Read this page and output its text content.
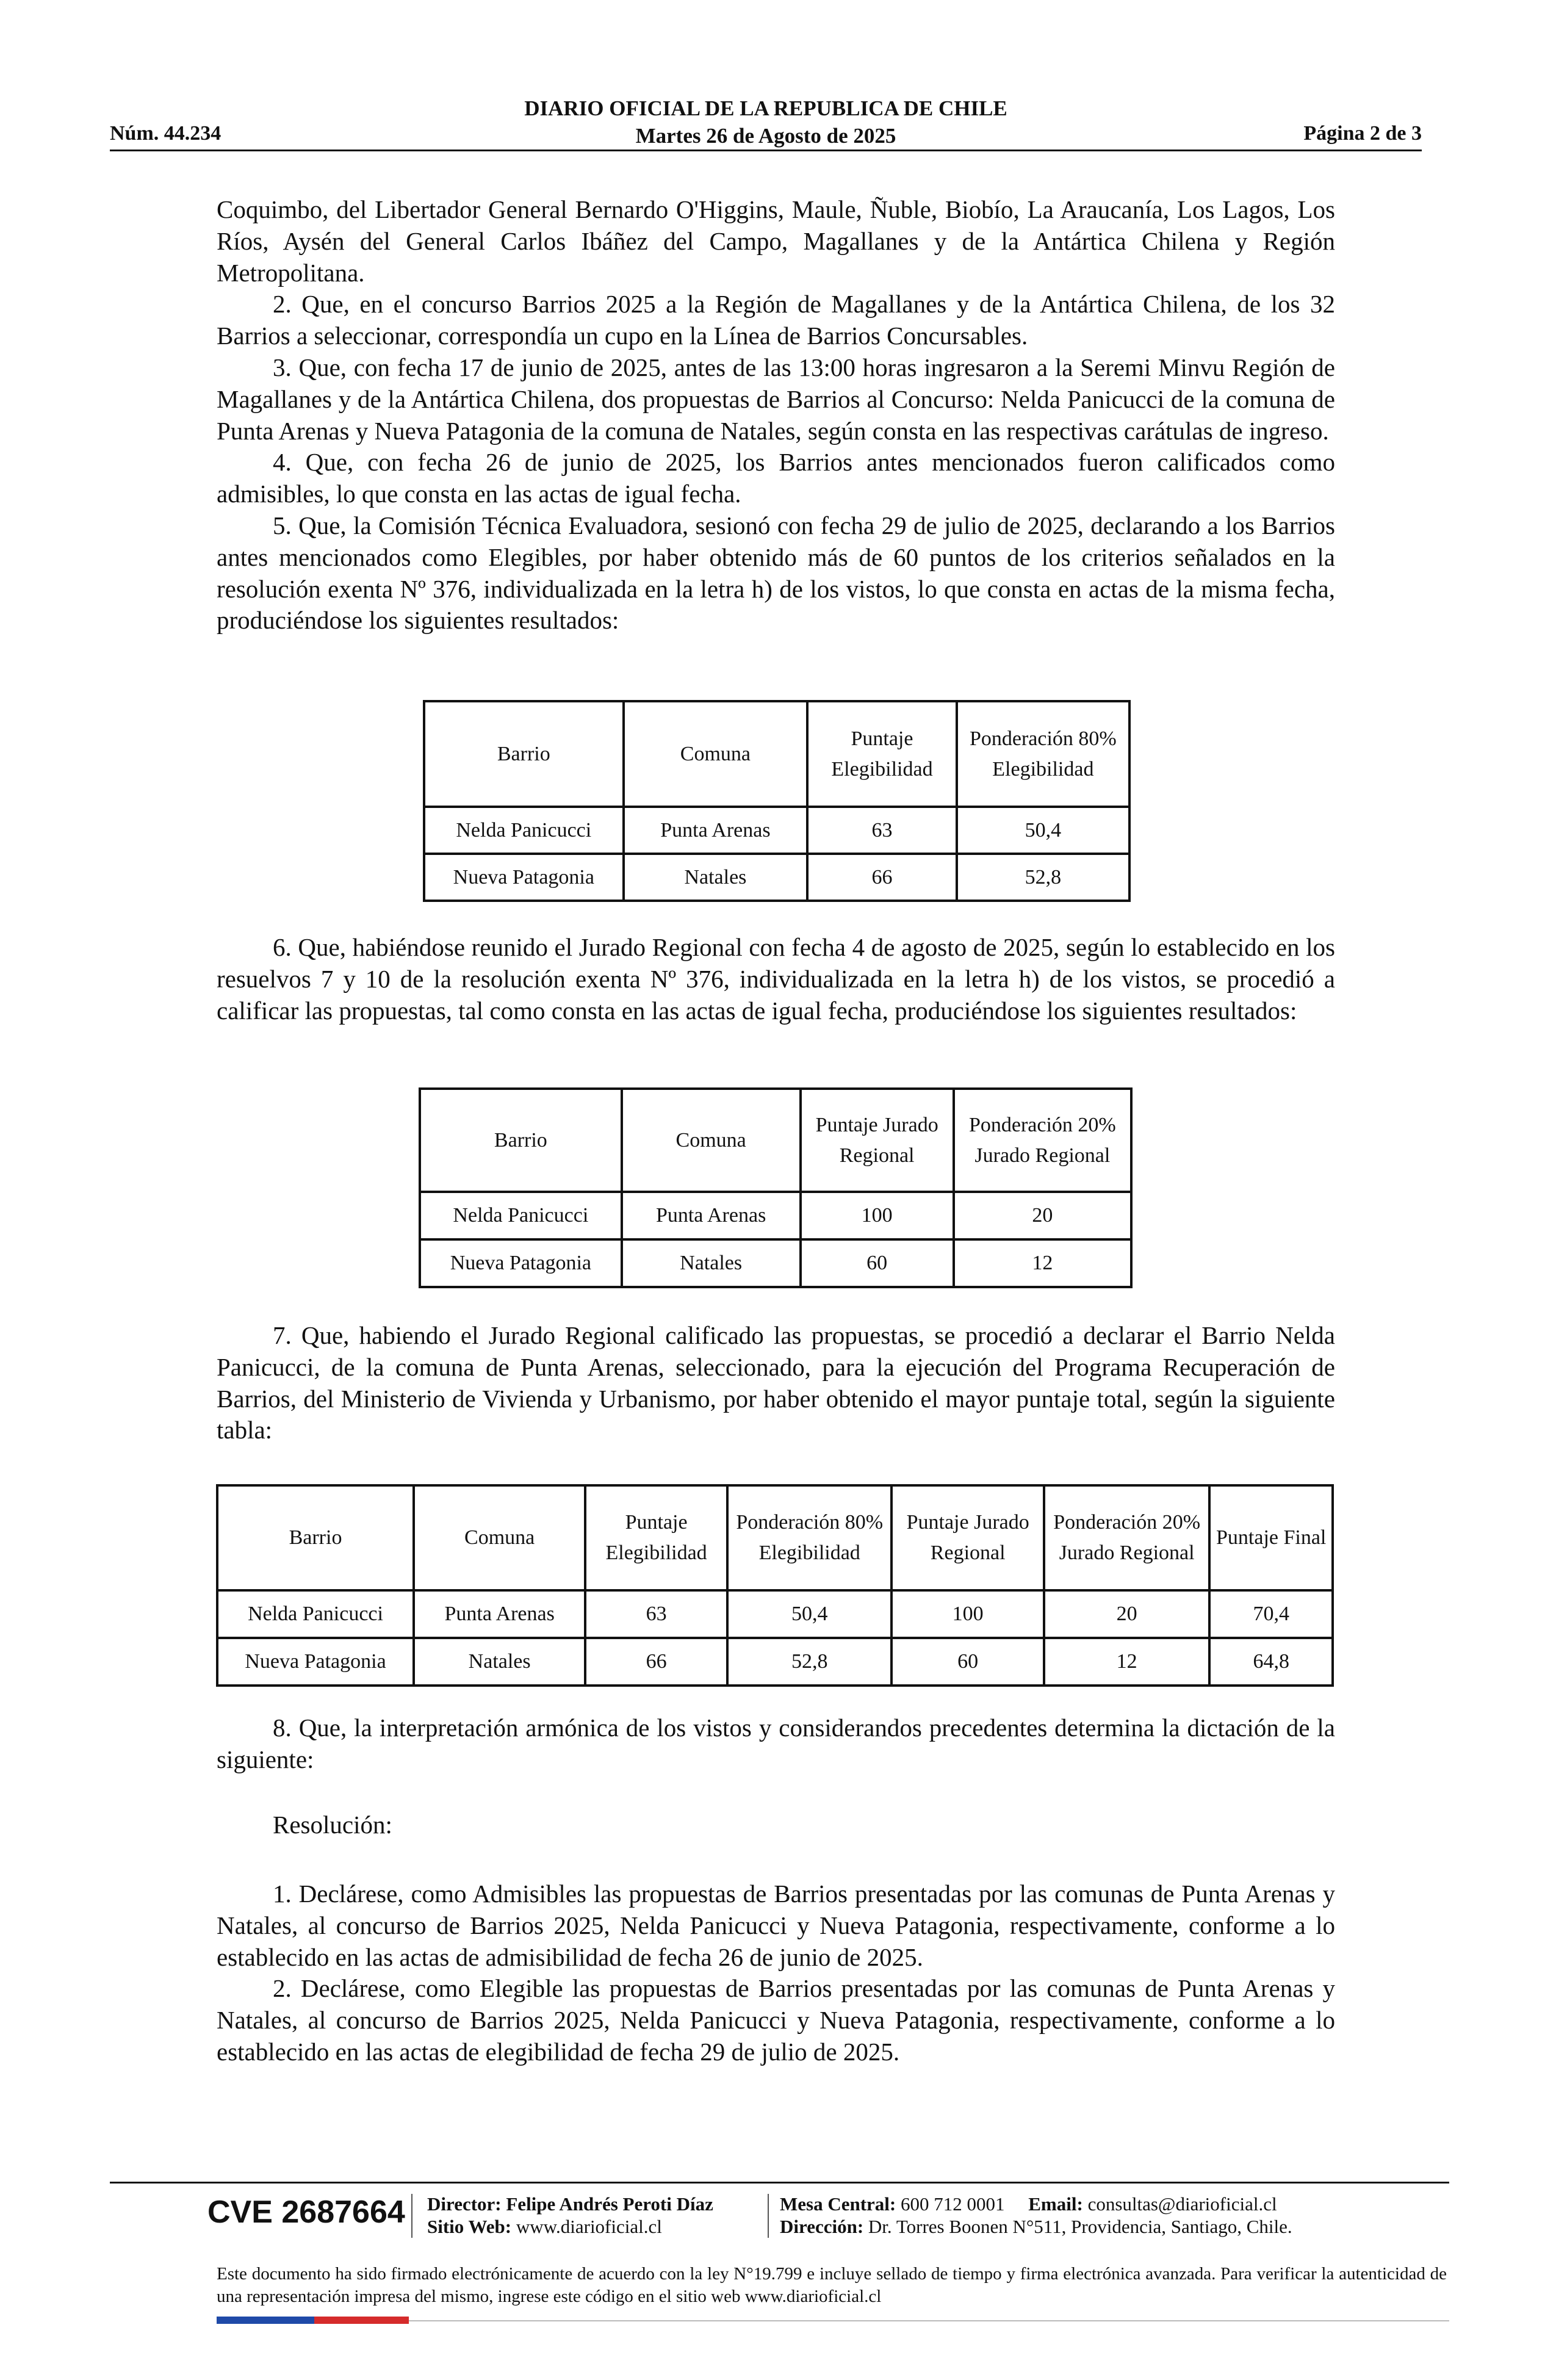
Núm. 44.234
DIARIO OFICIAL DE LA REPUBLICA DE CHILE
Martes 26 de Agosto de 2025	Página 2 de 3

Coquimbo, del Libertador General Bernardo O'Higgins, Maule, Ñuble, Biobío, La Araucanía, Los Lagos, Los Ríos, Aysén del General Carlos Ibáñez del Campo, Magallanes y de la Antártica Chilena y Región Metropolitana.

2. Que, en el concurso Barrios 2025 a la Región de Magallanes y de la Antártica Chilena, de los 32 Barrios a seleccionar, correspondía un cupo en la Línea de Barrios Concursables.

3. Que, con fecha 17 de junio de 2025, antes de las 13:00 horas ingresaron a la Seremi Minvu Región de Magallanes y de la Antártica Chilena, dos propuestas de Barrios al Concurso: Nelda Panicucci de la comuna de Punta Arenas y Nueva Patagonia de la comuna de Natales, según consta en las respectivas carátulas de ingreso.

4. Que, con fecha 26 de junio de 2025, los Barrios antes mencionados fueron calificados como admisibles, lo que consta en las actas de igual fecha.

5. Que, la Comisión Técnica Evaluadora, sesionó con fecha 29 de julio de 2025, declarando a los Barrios antes mencionados como Elegibles, por haber obtenido más de 60 puntos de los criterios señalados en la resolución exenta Nº 376, individualizada en la letra h) de los vistos, lo que consta en actas de la misma fecha, produciéndose los siguientes resultados:

Barrio	Comuna	Puntaje Elegibilidad	Ponderación 80% Elegibilidad
Nelda Panicucci	Punta Arenas	63	50,4
Nueva Patagonia	Natales	66	52,8

6. Que, habiéndose reunido el Jurado Regional con fecha 4 de agosto de 2025, según lo establecido en los resuelvos 7 y 10 de la resolución exenta Nº 376, individualizada en la letra h) de los vistos, se procedió a calificar las propuestas, tal como consta en las actas de igual fecha, produciéndose los siguientes resultados:

Barrio	Comuna	Puntaje Jurado Regional	Ponderación 20% Jurado Regional
Nelda Panicucci	Punta Arenas	100	20
Nueva Patagonia	Natales	60	12

7. Que, habiendo el Jurado Regional calificado las propuestas, se procedió a declarar el Barrio Nelda Panicucci, de la comuna de Punta Arenas, seleccionado, para la ejecución del Programa Recuperación de Barrios, del Ministerio de Vivienda y Urbanismo, por haber obtenido el mayor puntaje total, según la siguiente tabla:

Barrio	Comuna	Puntaje Elegibilidad	Ponderación 80% Elegibilidad	Puntaje Jurado Regional	Ponderación 20% Jurado Regional	Puntaje Final
Nelda Panicucci	Punta Arenas	63	50,4	100	20	70,4
Nueva Patagonia	Natales	66	52,8	60	12	64,8

8. Que, la interpretación armónica de los vistos y considerandos precedentes determina la dictación de la siguiente:

Resolución:

1. Declárese, como Admisibles las propuestas de Barrios presentadas por las comunas de Punta Arenas y Natales, al concurso de Barrios 2025, Nelda Panicucci y Nueva Patagonia, respectivamente, conforme a lo establecido en las actas de admisibilidad de fecha 26 de junio de 2025.

2. Declárese, como Elegible las propuestas de Barrios presentadas por las comunas de Punta Arenas y Natales, al concurso de Barrios 2025, Nelda Panicucci y Nueva Patagonia, respectivamente, conforme a lo establecido en las actas de elegibilidad de fecha 29 de julio de 2025.

CVE 2687664 Director: Felipe Andrés Peroti Díaz
Sitio Web: www.diarioficial.cl
Mesa Central: 600 712 0001 Email: consultas@diarioficial.cl
Dirección: Dr. Torres Boonen N°511, Providencia, Santiago, Chile.
Este documento ha sido firmado electrónicamente de acuerdo con la ley N°19.799 e incluye sellado de tiempo y firma electrónica avanzada. Para verificar la autenticidad de una representación impresa del mismo, ingrese este código en el sitio web www.diarioficial.cl
